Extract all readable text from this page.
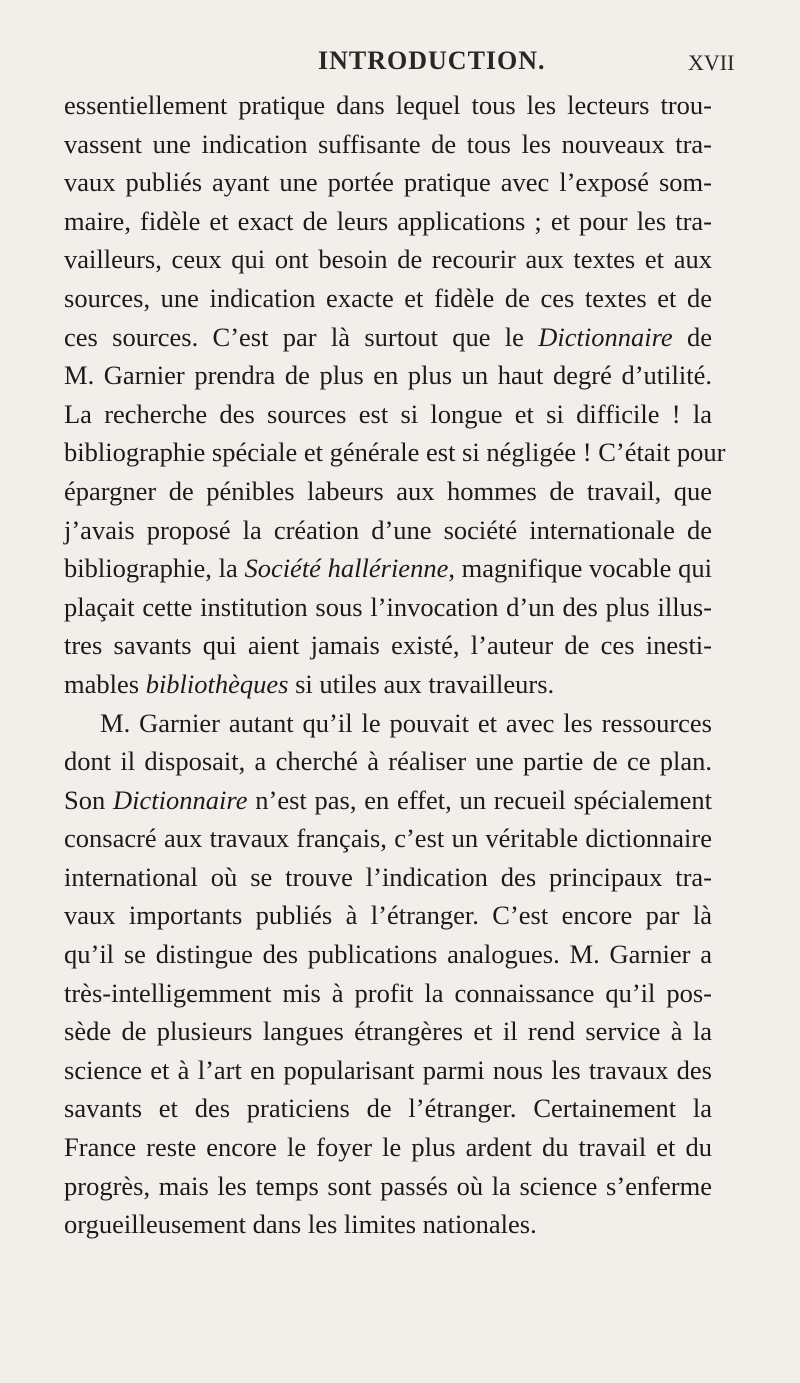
INTRODUCTION.	XVII
essentiellement pratique dans lequel tous les lecteurs trou-
vassent une indication suffisante de tous les nouveaux tra-
vaux publiés ayant une portée pratique avec l’exposé som-
maire, fidèle et exact de leurs applications ; et pour les tra-
vailleurs, ceux qui ont besoin de recourir aux textes et aux
sources, une indication exacte et fidèle de ces textes et de
ces sources. C’est par là surtout que le Dictionnaire de
M. Garnier prendra de plus en plus un haut degré d’utilité.
La recherche des sources est si longue et si difficile ! la
bibliographie spéciale et générale est si négligée ! C’était pour
épargner de pénibles labeurs aux hommes de travail, que
j’avais proposé la création d’une société internationale de
bibliographie, la Société hallérienne, magnifique vocable qui
plaçait cette institution sous l’invocation d’un des plus illus-
tres savants qui aient jamais existé, l’auteur de ces inesti-
mables bibliothèques si utiles aux travailleurs.
M. Garnier autant qu’il le pouvait et avec les ressources
dont il disposait, a cherché à réaliser une partie de ce plan.
Son Dictionnaire n’est pas, en effet, un recueil spécialement
consacré aux travaux français, c’est un véritable dictionnaire
international où se trouve l’indication des principaux tra-
vaux importants publiés à l’étranger. C’est encore par là
qu’il se distingue des publications analogues. M. Garnier a
très-intelligemment mis à profit la connaissance qu’il pos-
sède de plusieurs langues étrangères et il rend service à la
science et à l’art en popularisant parmi nous les travaux des
savants et des praticiens de l’étranger. Certainement la
France reste encore le foyer le plus ardent du travail et du
progrès, mais les temps sont passés où la science s’enferme
orgueilleusement dans les limites nationales.
